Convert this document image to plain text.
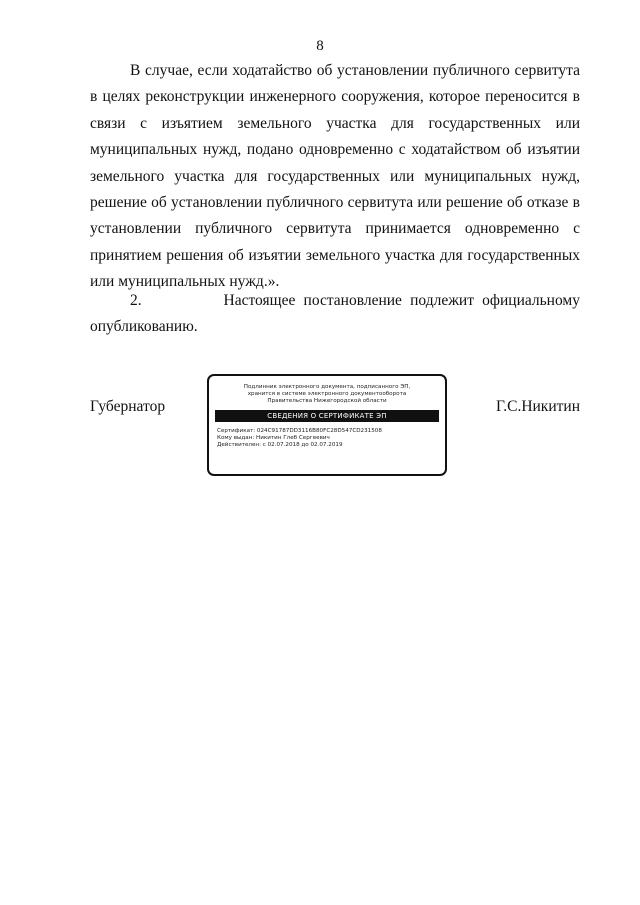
8

В случае, если ходатайство об установлении публичного сервитута в целях реконструкции инженерного сооружения, которое переносится в связи с изъятием земельного участка для государственных или муниципальных нужд, подано одновременно с ходатайством об изъятии земельного участка для государственных или муниципальных нужд, решение об установлении публичного сервитута или решение об отказе в установлении публичного сервитута принимается одновременно с принятием решения об изъятии земельного участка для государственных или муниципальных нужд.».

2.          Настоящее постановление подлежит официальному опубликованию.

Губернатор	Г.С.Никитин
Подлинник электронного документа, подписанного ЭП,
хранится в системе электронного документооборота
Правительства Нижегородской области
СВЕДЕНИЯ О СЕРТИФИКАТЕ ЭП
Сертификат: 024C91787DD3116B80FC28D547CD231508
Кому выдан: Никитин Глеб Сергеевич
Действителен: с 02.07.2018 до 02.07.2019
